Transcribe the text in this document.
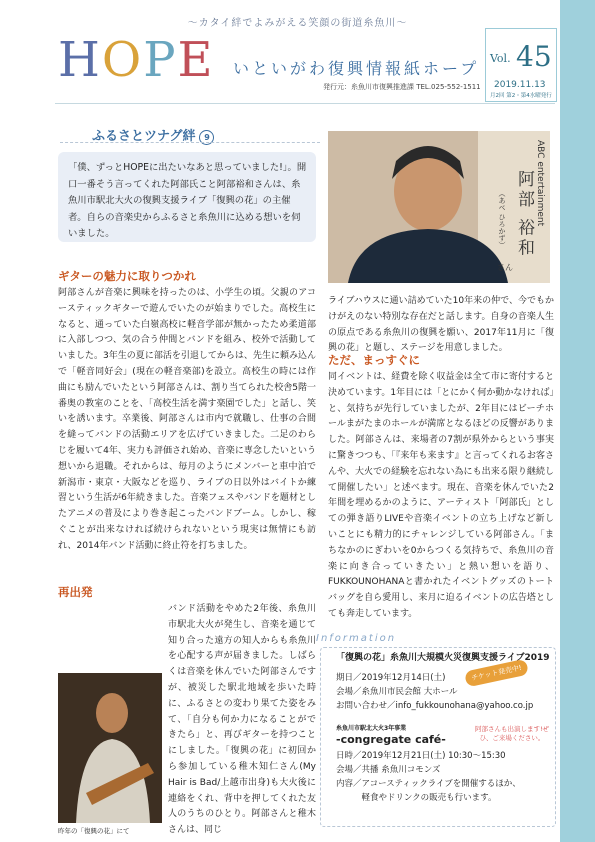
〜カタイ絆でよみがえる笑顔の街道糸魚川〜
HOPE いといがわ復興情報紙ホープ
発行元：糸魚川市復興推進課 TEL.025-552-1511
Vol. 45
2019.11.13
月2回 第2・第4水曜発行
ふるさとツナグ絆 9
「僕、ずっとHOPEに出たいなあと思っていました!」。開口一番そう言ってくれた阿部氏こと阿部裕和さんは、糸魚川市駅北大火の復興支援ライブ「復興の花」の主催者。自らの音楽史からふるさと糸魚川に込める想いを伺いました。
ABC entertainment
阿部 裕和
（あべ ひろかず）
さん
ギターの魅力に取りつかれ
阿部さんが音楽に興味を持ったのは、小学生の頃。父親のアコースティックギターで遊んでいたのが始まりでした。高校生になると、通っていた白嶺高校に軽音学部が無かったため柔道部に入部しつつ、気の合う仲間とバンドを組み、校外で活動していました。3年生の夏に部活を引退してからは、先生に頼み込んで「軽音同好会」(現在の軽音楽部)を設立。高校生の時には作曲にも励んでいたという阿部さんは、割り当てられた校舎5階一番奥の教室のことを、「高校生活を満す楽園でした」と話し、笑いを誘います。卒業後、阿部さんは市内で就職し、仕事の合間を縫ってバンドの活動エリアを広げていきました。二足のわらじを履いて4年、実力も評価され始め、音楽に専念したいという想いから退職。それからは、毎月のようにメンバーと車中泊で新潟市・東京・大阪などを巡り、ライブの日以外はバイトか練習という生活が6年続きました。音楽フェスやバンドを題材としたアニメの普及により巻き起こったバンドブーム。しかし、稼ぐことが出来なければ続けられないという現実は無情にも訪れ、2014年バンド活動に終止符を打ちました。
再出発
バンド活動をやめた2年後、糸魚川市駅北大火が発生し、音楽を通じて知り合った遠方の知人からも糸魚川を心配する声が届きました。しばらくは音楽を休んでいた阿部さんですが、被災した駅北地域を歩いた時に、ふるさとの変わり果てた姿をみて、「自分も何か力になることができたら」と、再びギターを持つことにしました。「復興の花」に初回から参加している稚木知仁さん(My Hair is Bad/上越市出身)も大火後に連絡をくれ、背中を押してくれた友人のうちのひとり。阿部さんと稚木さんは、同じ
昨年の「復興の花」にて
ライブハウスに通い詰めていた10年来の仲で、今でもかけがえのない特別な存在だと話します。自身の音楽人生の原点である糸魚川の復興を願い、2017年11月に「復興の花」と題し、ステージを用意しました。
ただ、まっすぐに
同イベントは、経費を除く収益金は全て市に寄付すると決めています。1年目には「とにかく何か動かなければ」と、気持ちが先行していましたが、2年目にはビーチホールまがたまのホールが満席となるほどの反響がありました。阿部さんは、来場者の7割が県外からという事実に驚きつつも、「『来年も来ます』と言ってくれるお客さんや、大火での経験を忘れない為にも出来る限り継続して開催したい」と述べます。現在、音楽を休んでいた2年間を埋めるかのように、アーティスト「阿部氏」としての弾き語りLIVEや音楽イベントの立ち上げなど新しいことにも精力的にチャレンジしている阿部さん。「まちなかのにぎわいを0からつくる気持ちで、糸魚川の音楽に向き合っていきたい」と熱い想いを語り、FUKKOUNOHANAと書かれたイベントグッズのトートバッグを自ら愛用し、来月に迫るイベントの広告塔としても奔走しています。
Information
「復興の花」糸魚川大規模火災復興支援ライブ2019
チケット発売中!
期日／2019年12月14日(土)
会場／糸魚川市民会館 大ホール
お問い合わせ／info_fukkounohana@yahoo.co.jp
糸魚川市駅北大火3年事業
-congregate café-
阿部さんも出演します!ぜひ、ご来場ください。
日時／2019年12月21日(土) 10:30〜15:30
会場／共播 糸魚川コモンズ
内容／アコースティックライブを開催するほか、
　　　軽食やドリンクの販売も行います。
